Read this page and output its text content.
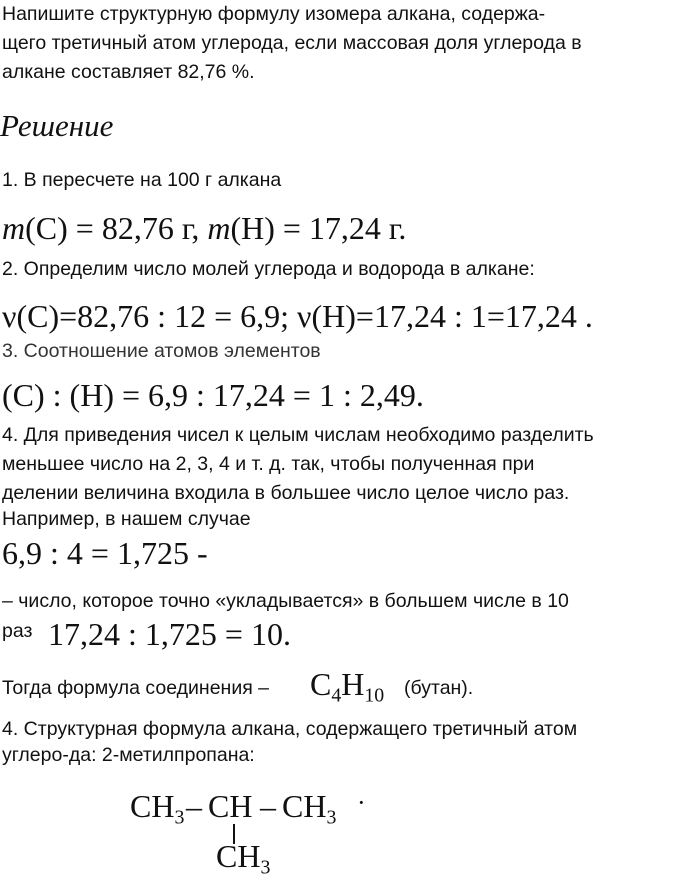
Напишите структурную формулу изомера алкана, содержа-
щего третичный атом углерода, если массовая доля углерода в
алкане составляет 82,76 %.
Решение
1. В пересчете на 100 г алкана
m(C) = 82,76 г, m(H) = 17,24 г.
2. Определим число молей углерода и водорода в алкане:
ν(C)=82,76 : 12 = 6,9; ν(H)=17,24 : 1=17,24 .
3. Соотношение атомов элементов
(C) : (H) = 6,9 : 17,24 = 1 : 2,49.
4. Для приведения чисел к целым числам необходимо разделить
меньшее число на 2, 3, 4 и т. д. так, чтобы полученная при
делении величина входила в большее число целое число раз.
Например, в нашем случае
6,9 : 4 = 1,725 -
– число, которое точно «укладывается» в большем числе в 10
раз 17,24 : 1,725 = 10.
Тогда формула соединения – $C_4H_{10}$ (бутан).
4. Структурная формула алкана, содержащего третичный атом
углеро-да: 2-метилпропана:
$CH_3$ – CH – $CH_3$
·
$CH_3$
